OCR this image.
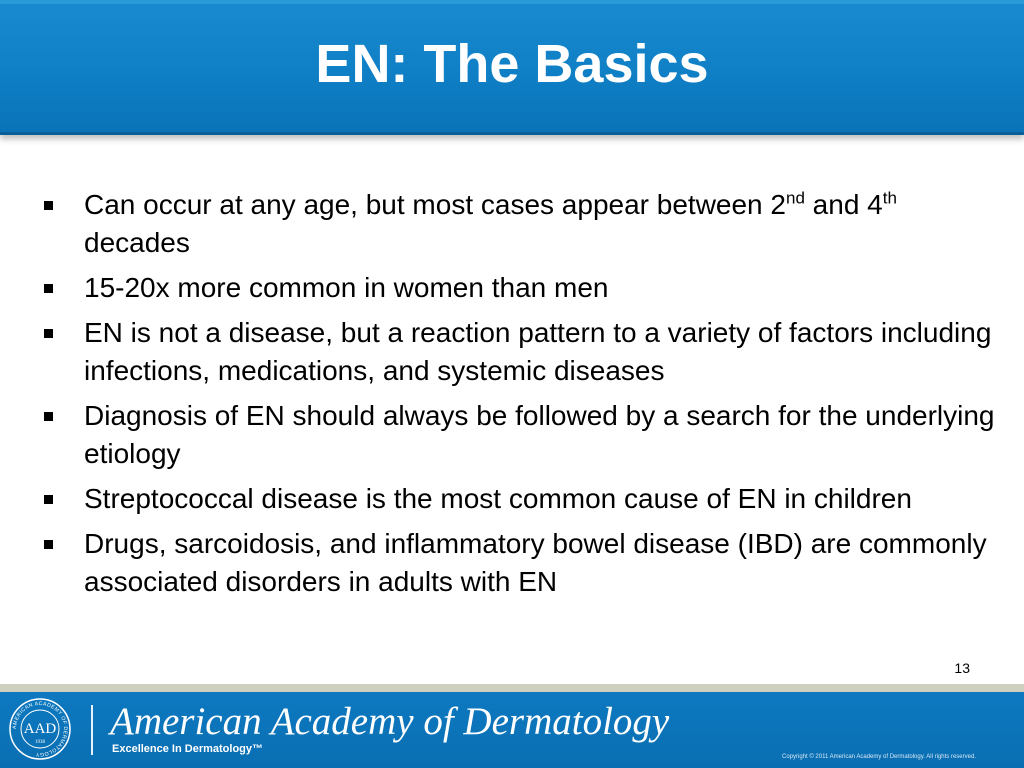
EN: The Basics
Can occur at any age, but most cases appear between 2nd and 4th decades
15-20x more common in women than men
EN is not a disease, but a reaction pattern to a variety of factors including infections, medications, and systemic diseases
Diagnosis of EN should always be followed by a search for the underlying etiology
Streptococcal disease is the most common cause of EN in children
Drugs, sarcoidosis, and inflammatory bowel disease (IBD) are commonly associated disorders in adults with EN
13
AMERICAN ACADEMY OF DERMATOLOGY
AAD
1938 American Academy of Dermatology
Excellence In Dermatology™
Copyright © 2011 American Academy of Dermatology. All rights reserved.
